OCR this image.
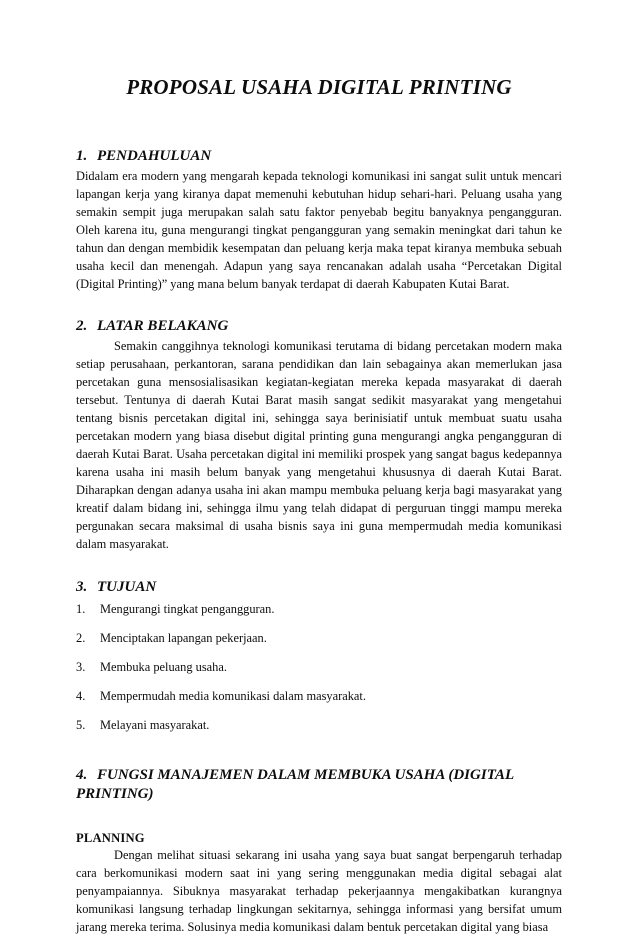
PROPOSAL USAHA DIGITAL PRINTING
1. PENDAHULUAN

Didalam era modern yang mengarah kepada teknologi komunikasi ini sangat sulit untuk mencari lapangan kerja yang kiranya dapat memenuhi kebutuhan hidup sehari-hari. Peluang usaha yang semakin sempit juga merupakan salah satu faktor penyebab begitu banyaknya pengangguran. Oleh karena itu, guna mengurangi tingkat pengangguran yang semakin meningkat dari tahun ke tahun dan dengan membidik kesempatan dan peluang kerja maka tepat kiranya membuka sebuah usaha kecil dan menengah. Adapun yang saya rencanakan adalah usaha “Percetakan Digital (Digital Printing)” yang mana belum banyak terdapat di daerah Kabupaten Kutai Barat.

2. LATAR BELAKANG

Semakin canggihnya teknologi komunikasi terutama di bidang percetakan modern maka setiap perusahaan, perkantoran, sarana pendidikan dan lain sebagainya akan memerlukan jasa percetakan guna mensosialisasikan kegiatan-kegiatan mereka kepada masyarakat di daerah tersebut. Tentunya di daerah Kutai Barat masih sangat sedikit masyarakat yang mengetahui tentang bisnis percetakan digital ini, sehingga saya berinisiatif untuk membuat suatu usaha percetakan modern yang biasa disebut digital printing guna mengurangi angka pengangguran di daerah Kutai Barat. Usaha percetakan digital ini memiliki prospek yang sangat bagus kedepannya karena usaha ini masih belum banyak yang mengetahui khususnya di daerah Kutai Barat. Diharapkan dengan adanya usaha ini akan mampu membuka peluang kerja bagi masyarakat yang kreatif dalam bidang ini, sehingga ilmu yang telah didapat di perguruan tinggi mampu mereka pergunakan secara maksimal di usaha bisnis saya ini guna mempermudah media komunikasi dalam masyarakat.

3. TUJUAN
1. Mengurangi tingkat pengangguran.
2. Menciptakan lapangan pekerjaan.
3. Membuka peluang usaha.
4. Mempermudah media komunikasi dalam masyarakat.
5. Melayani masyarakat.
4. FUNGSI MANAJEMEN DALAM MEMBUKA USAHA (DIGITAL PRINTING)
PLANNING

Dengan melihat situasi sekarang ini usaha yang saya buat sangat berpengaruh terhadap cara berkomunikasi modern saat ini yang sering menggunakan media digital sebagai alat penyampaiannya. Sibuknya masyarakat terhadap pekerjaannya mengakibatkan kurangnya komunikasi langsung terhadap lingkungan sekitarnya, sehingga informasi yang bersifat umum jarang mereka terima. Solusinya media komunikasi dalam bentuk percetakan digital yang biasa
